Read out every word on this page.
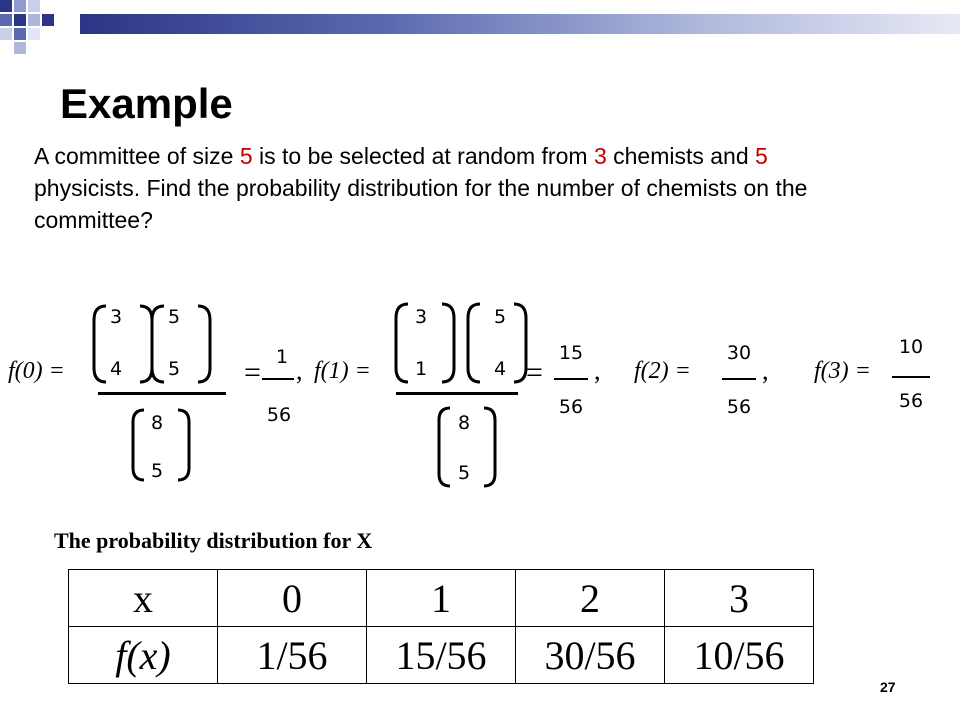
Example
A committee of size 5 is to be selected at random from 3 chemists and 5 physicists. Find the probability distribution for the number of chemists on the committee?
f(0) =
3
4
5
5
8
5
= 1
56
, f(1) =
3
1
5
4
8
5
=
15
56
, f(2) =
30
56
, f(3) =
10
56
The probability distribution for X
x	0	1	2	3
f(x)	1/56	15/56	30/56	10/56
27
